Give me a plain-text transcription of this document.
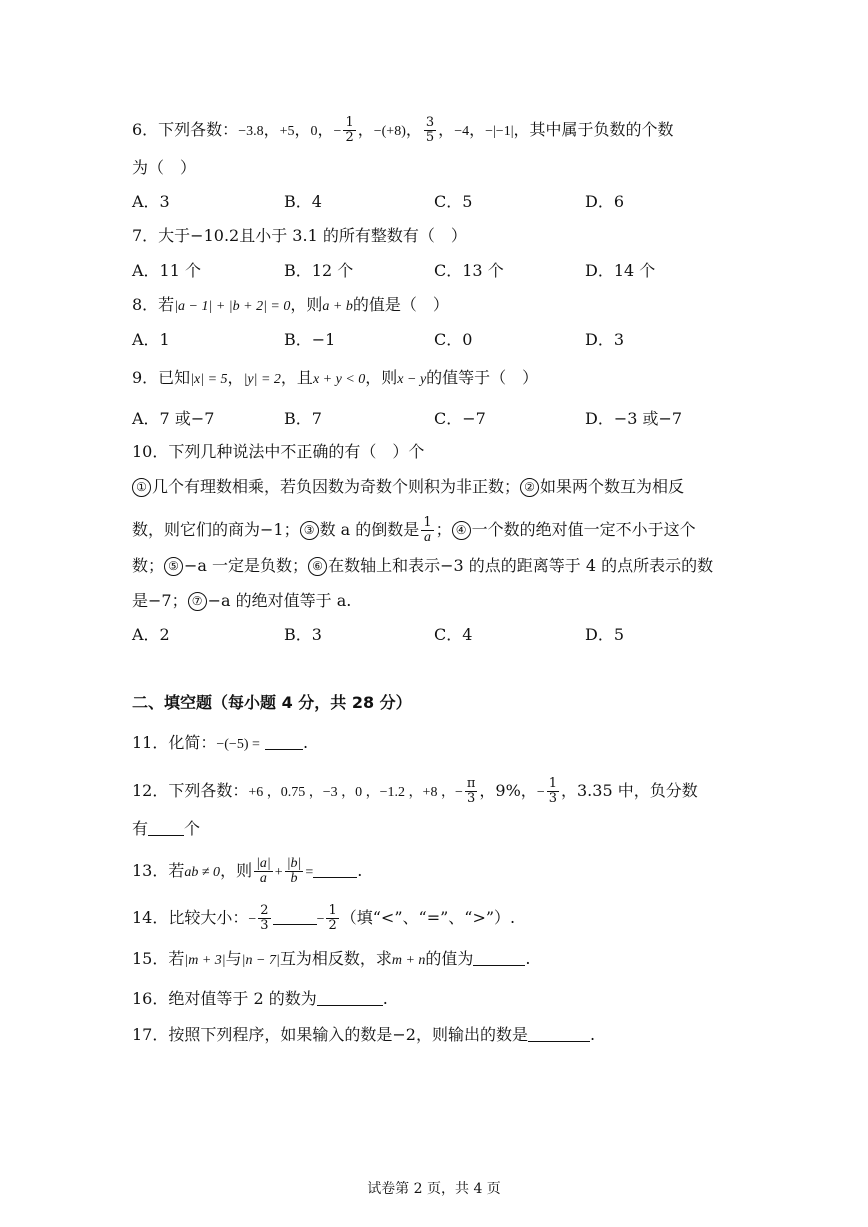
6．下列各数：−3.8，+5，0，− $\frac{1}{2}$ ，−(+8)， $\frac{3}{5}$ ，−4，−|−1|，其中属于负数的个数
为（　）
A．3	B．4	C．5	D．6
7．大于−10.2且小于 3.1 的所有整数有（　）
A．11 个	B．12 个	C．13 个	D．14 个
8．若|a − 1| + |b + 2| = 0，则a + b的值是（　）
A．1	B．−1	C．0	D．3
9．已知|x| = 5，|y| = 2，且x + y < 0，则x − y的值等于（　）
A．7 或−7	B．7	C．−7	D．−3 或−7
10．下列几种说法中不正确的有（　）个
① 几个有理数相乘，若负因数为奇数个则积为非正数； ② 如果两个数互为相反
数，则它们的商为−1； ③ 数 a 的倒数是 $\frac{1}{a}$ ； ④ 一个数的绝对值一定不小于这个
数； ⑤ −a 一定是负数； ⑥ 在数轴上和表示−3 的点的距离等于 4 的点所表示的数
是−7； ⑦ −a 的绝对值等于 a.
A．2	B．3	C．4	D．5
二、填空题（每小题 4 分，共 28 分）
11．化简：−(−5) =	.
12．下列各数：+6 ，0.75 ，−3 ，0 ，−1.2 ，+8 ，− $\frac{\pi}{3}$ ，9%，− $\frac{1}{3}$ ，3.35 中，负分数
有 个
13．若ab ≠ 0，则 $\frac{|a|}{a} + \frac{|b|}{b}$ =	.
14．比较大小：− $\frac{2}{3}$	− $\frac{1}{2}$ （填“<”、“=”、“>”）.
15．若|m + 3|与|n − 7|互为相反数，求m + n的值为	.
16．绝对值等于 2 的数为	.
17．按照下列程序，如果输入的数是−2，则输出的数是	.
试卷第 2 页，共 4 页
